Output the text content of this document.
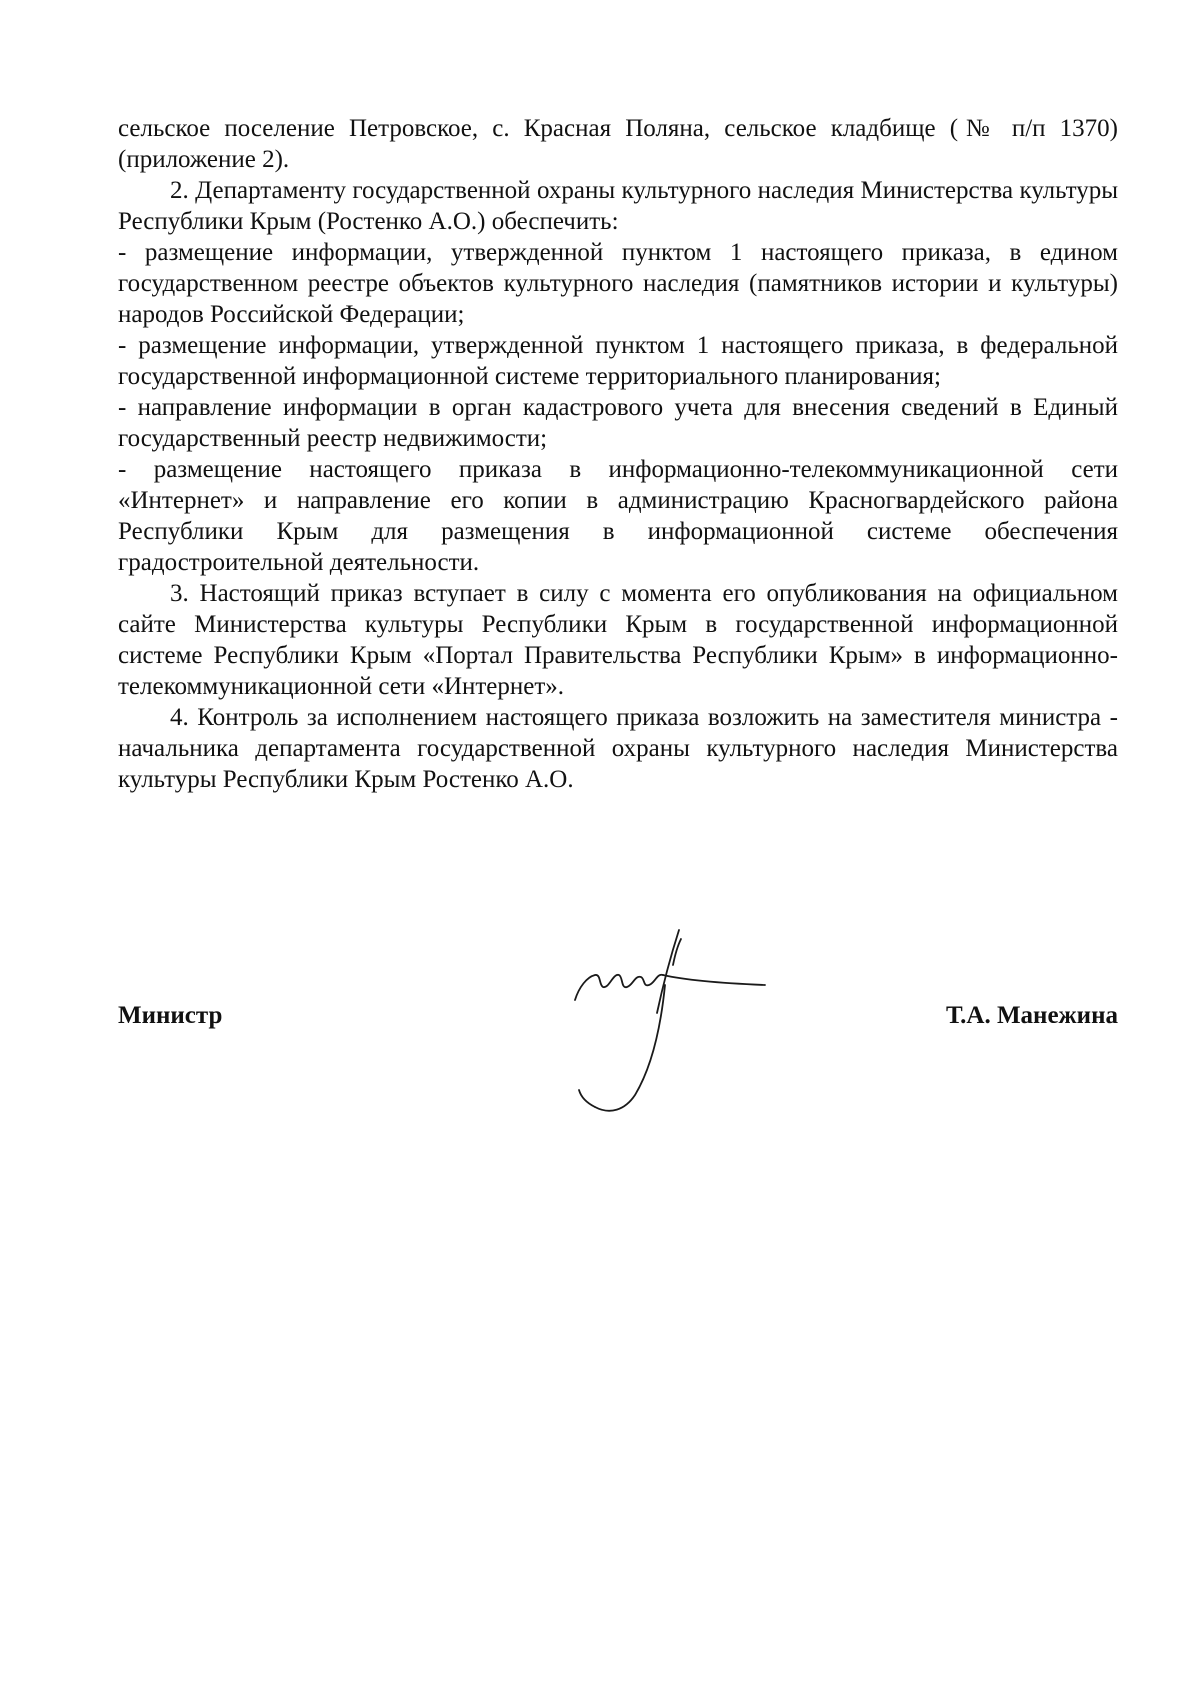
сельское поселение Петровское, с. Красная Поляна, сельское кладбище (№ п/п 1370) (приложение 2).

2. Департаменту государственной охраны культурного наследия Министерства культуры Республики Крым (Ростенко А.О.) обеспечить:

- размещение информации, утвержденной пунктом 1 настоящего приказа, в едином государственном реестре объектов культурного наследия (памятников истории и культуры) народов Российской Федерации;

- размещение информации, утвержденной пунктом 1 настоящего приказа, в федеральной государственной информационной системе территориального планирования;

- направление информации в орган кадастрового учета для внесения сведений в Единый государственный реестр недвижимости;

- размещение настоящего приказа в информационно-телекоммуникационной сети «Интернет» и направление его копии в администрацию Красногвардейского района Республики Крым для размещения в информационной системе обеспечения градостроительной деятельности.

3. Настоящий приказ вступает в силу с момента его опубликования на официальном сайте Министерства культуры Республики Крым в государственной информационной системе Республики Крым «Портал Правительства Республики Крым» в информационно-телекоммуникационной сети «Интернет».

4. Контроль за исполнением настоящего приказа возложить на заместителя министра - начальника департамента государственной охраны культурного наследия Министерства культуры Республики Крым Ростенко А.О.

Министр	Т.А. Манежина
